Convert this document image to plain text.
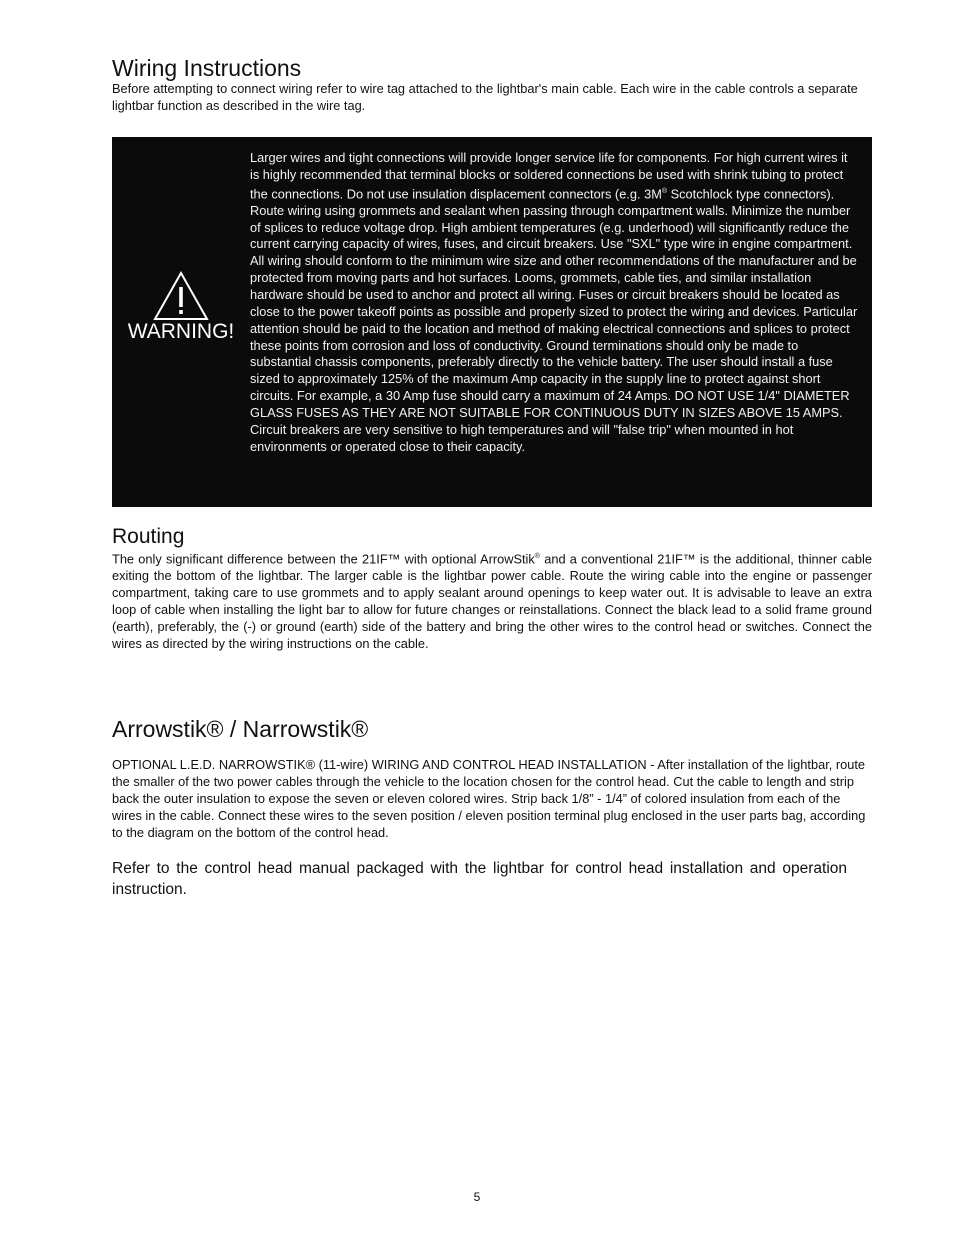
Wiring Instructions

Before attempting to connect wiring refer to wire tag attached to the lightbar's main cable. Each wire in the cable controls a separate lightbar function as described in the wire tag.

WARNING!

Larger wires and tight connections will provide longer service life for components. For high current wires it is highly recommended that terminal blocks or soldered connections be used with shrink tubing to protect the connections. Do not use insulation displacement connectors (e.g. 3M® Scotchlock type connectors). Route wiring using grommets and sealant when passing through compartment walls. Minimize the number of splices to reduce voltage drop. High ambient temperatures (e.g. underhood) will significantly reduce the current carrying capacity of wires, fuses, and circuit breakers. Use "SXL" type wire in engine compartment. All wiring should conform to the minimum wire size and other recommendations of the manufacturer and be protected from moving parts and hot surfaces. Looms, grommets, cable ties, and similar installation hardware should be used to anchor and protect all wiring. Fuses or circuit breakers should be located as close to the power takeoff points as possible and properly sized to protect the wiring and devices. Particular attention should be paid to the location and method of making electrical connections and splices to protect these points from corrosion and loss of conductivity. Ground terminations should only be made to substantial chassis components, preferably directly to the vehicle battery. The user should install a fuse sized to approximately 125% of the maximum Amp capacity in the supply line to protect against short circuits. For example, a 30 Amp fuse should carry a maximum of 24 Amps. DO NOT USE 1/4" DIAMETER GLASS FUSES AS THEY ARE NOT SUITABLE FOR CONTINUOUS DUTY IN SIZES ABOVE 15 AMPS. Circuit breakers are very sensitive to high temperatures and will "false trip" when mounted in hot environments or operated close to their capacity.

Routing

The only significant difference between the 21IF™ with optional ArrowStik® and a conventional 21IF™ is the additional, thinner cable exiting the bottom of the lightbar. The larger cable is the lightbar power cable. Route the wiring cable into the engine or passenger compartment, taking care to use grommets and to apply sealant around openings to keep water out. It is advisable to leave an extra loop of cable when installing the light bar to allow for future changes or reinstallations. Connect the black lead to a solid frame ground (earth), preferably, the (-) or ground (earth) side of the battery and bring the other wires to the control head or switches. Connect the wires as directed by the wiring instructions on the cable.

Arrowstik® / Narrowstik®

OPTIONAL L.E.D. NARROWSTIK® (11-wire) WIRING AND CONTROL HEAD INSTALLATION - After installation of the lightbar, route the smaller of the two power cables through the vehicle to the location chosen for the control head. Cut the cable to length and strip back the outer insulation to expose the seven or eleven colored wires. Strip back 1/8” - 1/4” of colored insulation from each of the wires in the cable. Connect these wires to the seven position / eleven position terminal plug enclosed in the user parts bag, according to the diagram on the bottom of the control head.

Refer to the control head manual packaged with the lightbar for control head installation and operation instruction.

5
